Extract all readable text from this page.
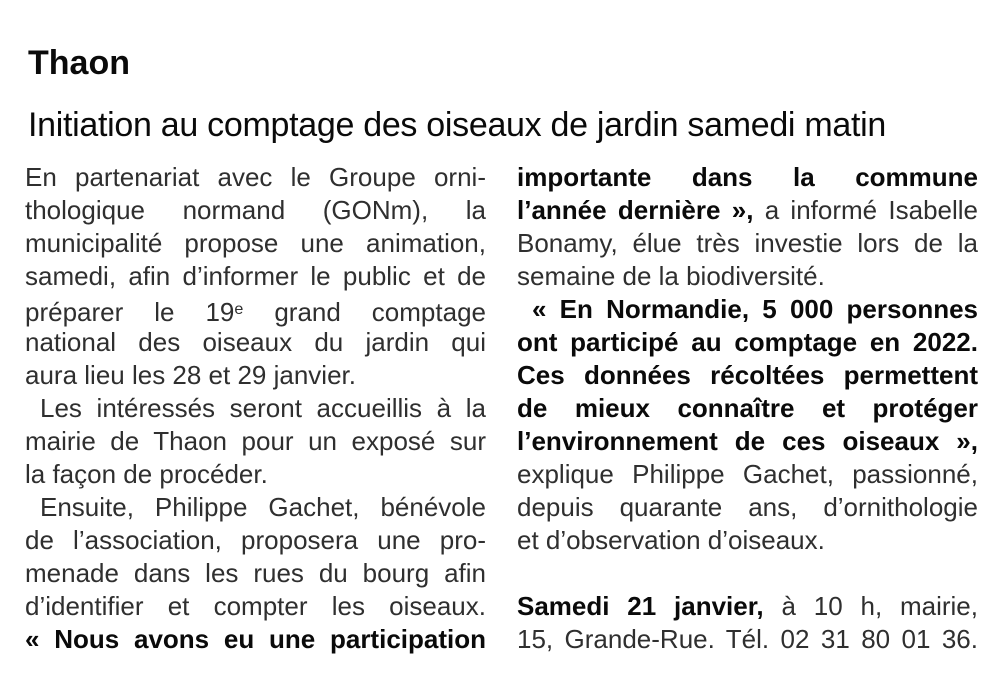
Thaon
Initiation au comptage des oiseaux de jardin samedi matin
En partenariat avec le Groupe orni-
thologique normand (GONm), la
municipalité propose une animation,
samedi, afin d’informer le public et de
préparer le 19e grand comptage
national des oiseaux du jardin qui
aura lieu les 28 et 29 janvier.
Les intéressés seront accueillis à la
mairie de Thaon pour un exposé sur
la façon de procéder.
Ensuite, Philippe Gachet, bénévole
de l’association, proposera une pro-
menade dans les rues du bourg afin
d’identifier et compter les oiseaux.
« Nous avons eu une participation
importante dans la commune
l’année dernière », a informé Isabelle
Bonamy, élue très investie lors de la
semaine de la biodiversité.
« En Normandie, 5 000 personnes
ont participé au comptage en 2022.
Ces données récoltées permettent
de mieux connaître et protéger
l’environnement de ces oiseaux »,
explique Philippe Gachet, passionné,
depuis quarante ans, d’ornithologie
et d’observation d’oiseaux.
Samedi 21 janvier, à 10 h, mairie,
15, Grande-Rue. Tél. 02 31 80 01 36.
